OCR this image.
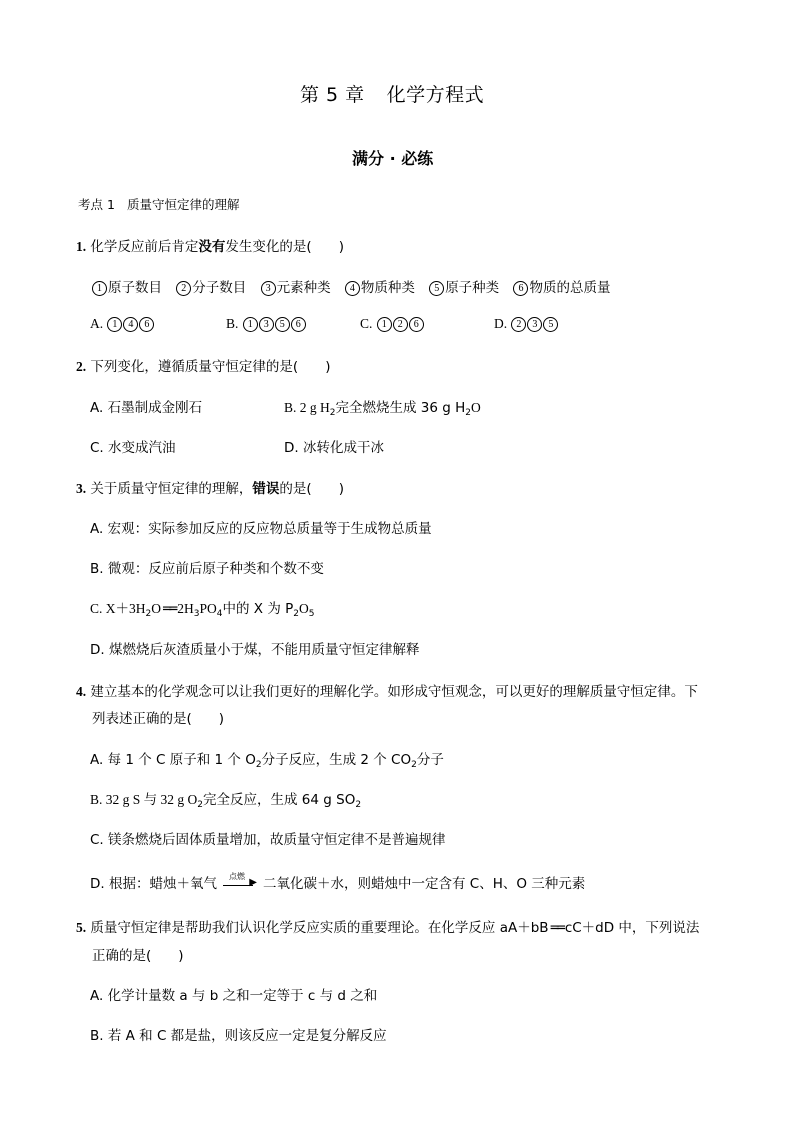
第 5 章 化学方程式
满分 · 必练
考点 1 质量守恒定律的理解
1. 化学反应前后肯定没有发生变化的是(　　)
1 原子数目 2 分子数目 3 元素种类 4 物质种类 5 原子种类 6 物质的总质量
A. 1 4 6	B. 1 3 5 6	C. 1 2 6	D. 2 3 5
2. 下列变化，遵循质量守恒定律的是(　　)
A. 石墨制成金刚石	B. 2 g $H_2$完全燃烧生成 36 g $H_2O$
C. 水变成汽油	D. 冰转化成干冰
3. 关于质量守恒定律的理解，错误的是(　　)
A. 宏观：实际参加反应的反应物总质量等于生成物总质量
B. 微观：反应前后原子种类和个数不变
C. $X+3H_2O$ ══ $2H_3PO_4$中的 X 为 $P_2O_5$
D. 煤燃烧后灰渣质量小于煤，不能用质量守恒定律解释
4. 建立基本的化学观念可以让我们更好的理解化学。如形成守恒观念，可以更好的理解质量守恒定律。下
列表述正确的是(　　)
A. 每 1 个 C 原子和 1 个 $O_2$分子反应，生成 2 个 $CO_2$分子
B. 32 g S 与 32 g $O_2$完全反应，生成 64 g $SO_2$
C. 镁条燃烧后固体质量增加，故质量守恒定律不是普遍规律
D. 根据：蜡烛＋氧气 点燃
▶ 二氧化碳＋水，则蜡烛中一定含有 C、H、O 三种元素
5. 质量守恒定律是帮助我们认识化学反应实质的重要理论。在化学反应 aA＋bB ══ cC＋dD 中，下列说法
正确的是(　　)
A. 化学计量数 a 与 b 之和一定等于 c 与 d 之和
B. 若 A 和 C 都是盐，则该反应一定是复分解反应
